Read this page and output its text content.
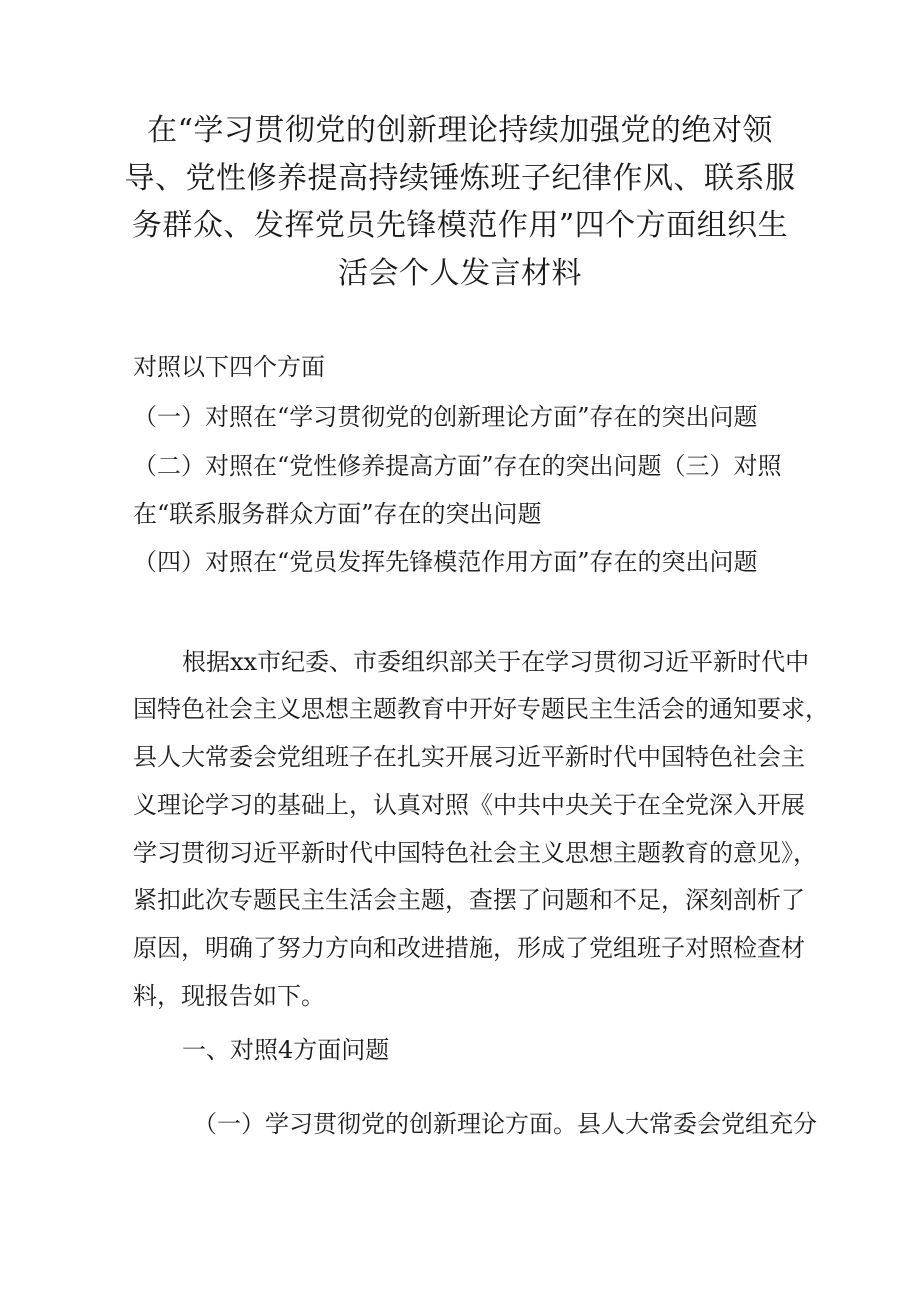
在“学习贯彻党的创新理论持续加强党的绝对领
导、党性修养提高持续锤炼班子纪律作风、联系服
务群众、发挥党员先锋模范作用”四个方面组织生
活会个人发言材料
对照以下四个方面
（一）对照在“学习贯彻党的创新理论方面”存在的突出问题
（二）对照在“党性修养提高方面”存在的突出问题（三）对照
在“联系服务群众方面”存在的突出问题
（四）对照在“党员发挥先锋模范作用方面”存在的突出问题
根据xx市纪委、市委组织部关于在学习贯彻习近平新时代中
国特色社会主义思想主题教育中开好专题民主生活会的通知要求，
县人大常委会党组班子在扎实开展习近平新时代中国特色社会主
义理论学习的基础上，认真对照《中共中央关于在全党深入开展
学习贯彻习近平新时代中国特色社会主义思想主题教育的意见》，
紧扣此次专题民主生活会主题，查摆了问题和不足，深刻剖析了
原因，明确了努力方向和改进措施，形成了党组班子对照检查材
料，现报告如下。
一、对照4方面问题
（一）学习贯彻党的创新理论方面。县人大常委会党组充分
